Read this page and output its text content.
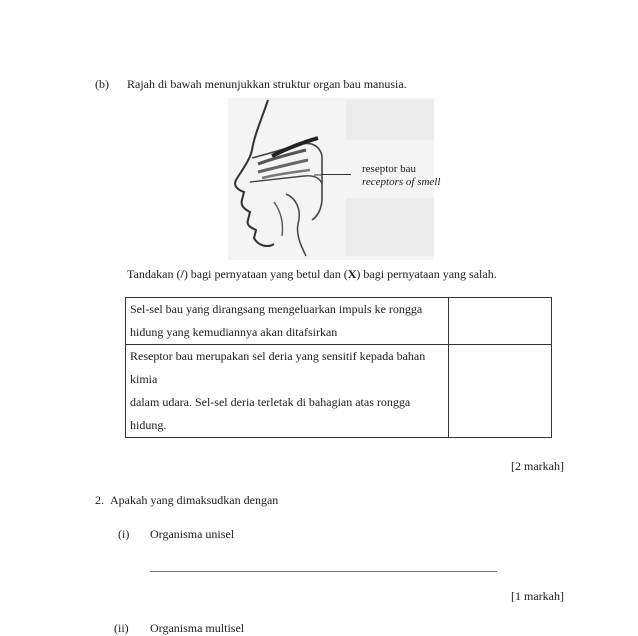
(b) Rajah di bawah menunjukkan struktur organ bau manusia.
reseptor bau
receptors of smell
Tandakan (/) bagi pernyataan yang betul dan (X) bagi pernyataan yang salah.
Sel-sel bau yang dirangsang mengeluarkan impuls ke rongga
hidung yang kemudiannya akan ditafsirkan	

Reseptor bau merupakan sel deria yang sensitif kepada bahan
kimia
dalam udara. Sel-sel deria terletak di bahagian atas rongga
hidung.	

[2 markah]
2. Apakah yang dimaksudkan dengan
(i) Organisma unisel
_______________________________________________________________
[1 markah]
(ii) Organisma multisel
